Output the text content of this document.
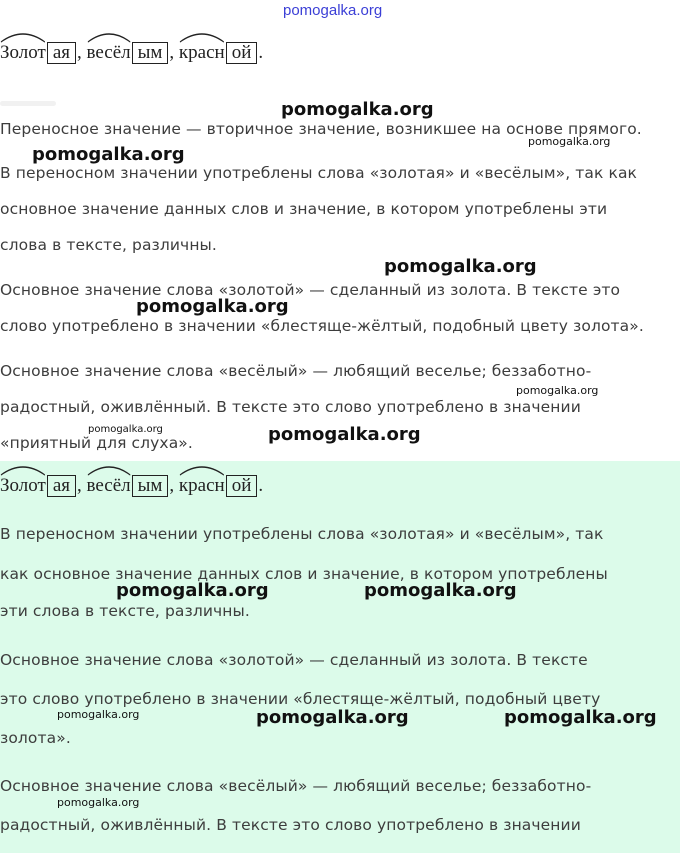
pomogalka.org
Золот ая , весёл ым , красн ой .
Переносное значение — вторичное значение, возникшее на основе прямого.
В переносном значении употреблены слова «золотая» и «весёлым», так как
основное значение данных слов и значение, в котором употреблены эти
слова в тексте, различны.
Основное значение слова «золотой» — сделанный из золота. В тексте это
слово употреблено в значении «блестяще-жёлтый, подобный цвету золота».
Основное значение слова «весёлый» — любящий веселье; беззаботно-
радостный, оживлённый. В тексте это слово употреблено в значении
«приятный для слуха».
Золот ая , весёл ым , красн ой .
В переносном значении употреблены слова «золотая» и «весёлым», так
как основное значение данных слов и значение, в котором употреблены
эти слова в тексте, различны.
Основное значение слова «золотой» — сделанный из золота. В тексте
это слово употреблено в значении «блестяще-жёлтый, подобный цвету
золота».
Основное значение слова «весёлый» — любящий веселье; беззаботно-
радостный, оживлённый. В тексте это слово употреблено в значении
pomogalka.org
pomogalka.org
pomogalka.org
pomogalka.org
pomogalka.org
pomogalka.org
pomogalka.org	pomogalka.org
pomogalka.org	pomogalka.org
pomogalka.org	pomogalka.org	pomogalka.org
pomogalka.org
